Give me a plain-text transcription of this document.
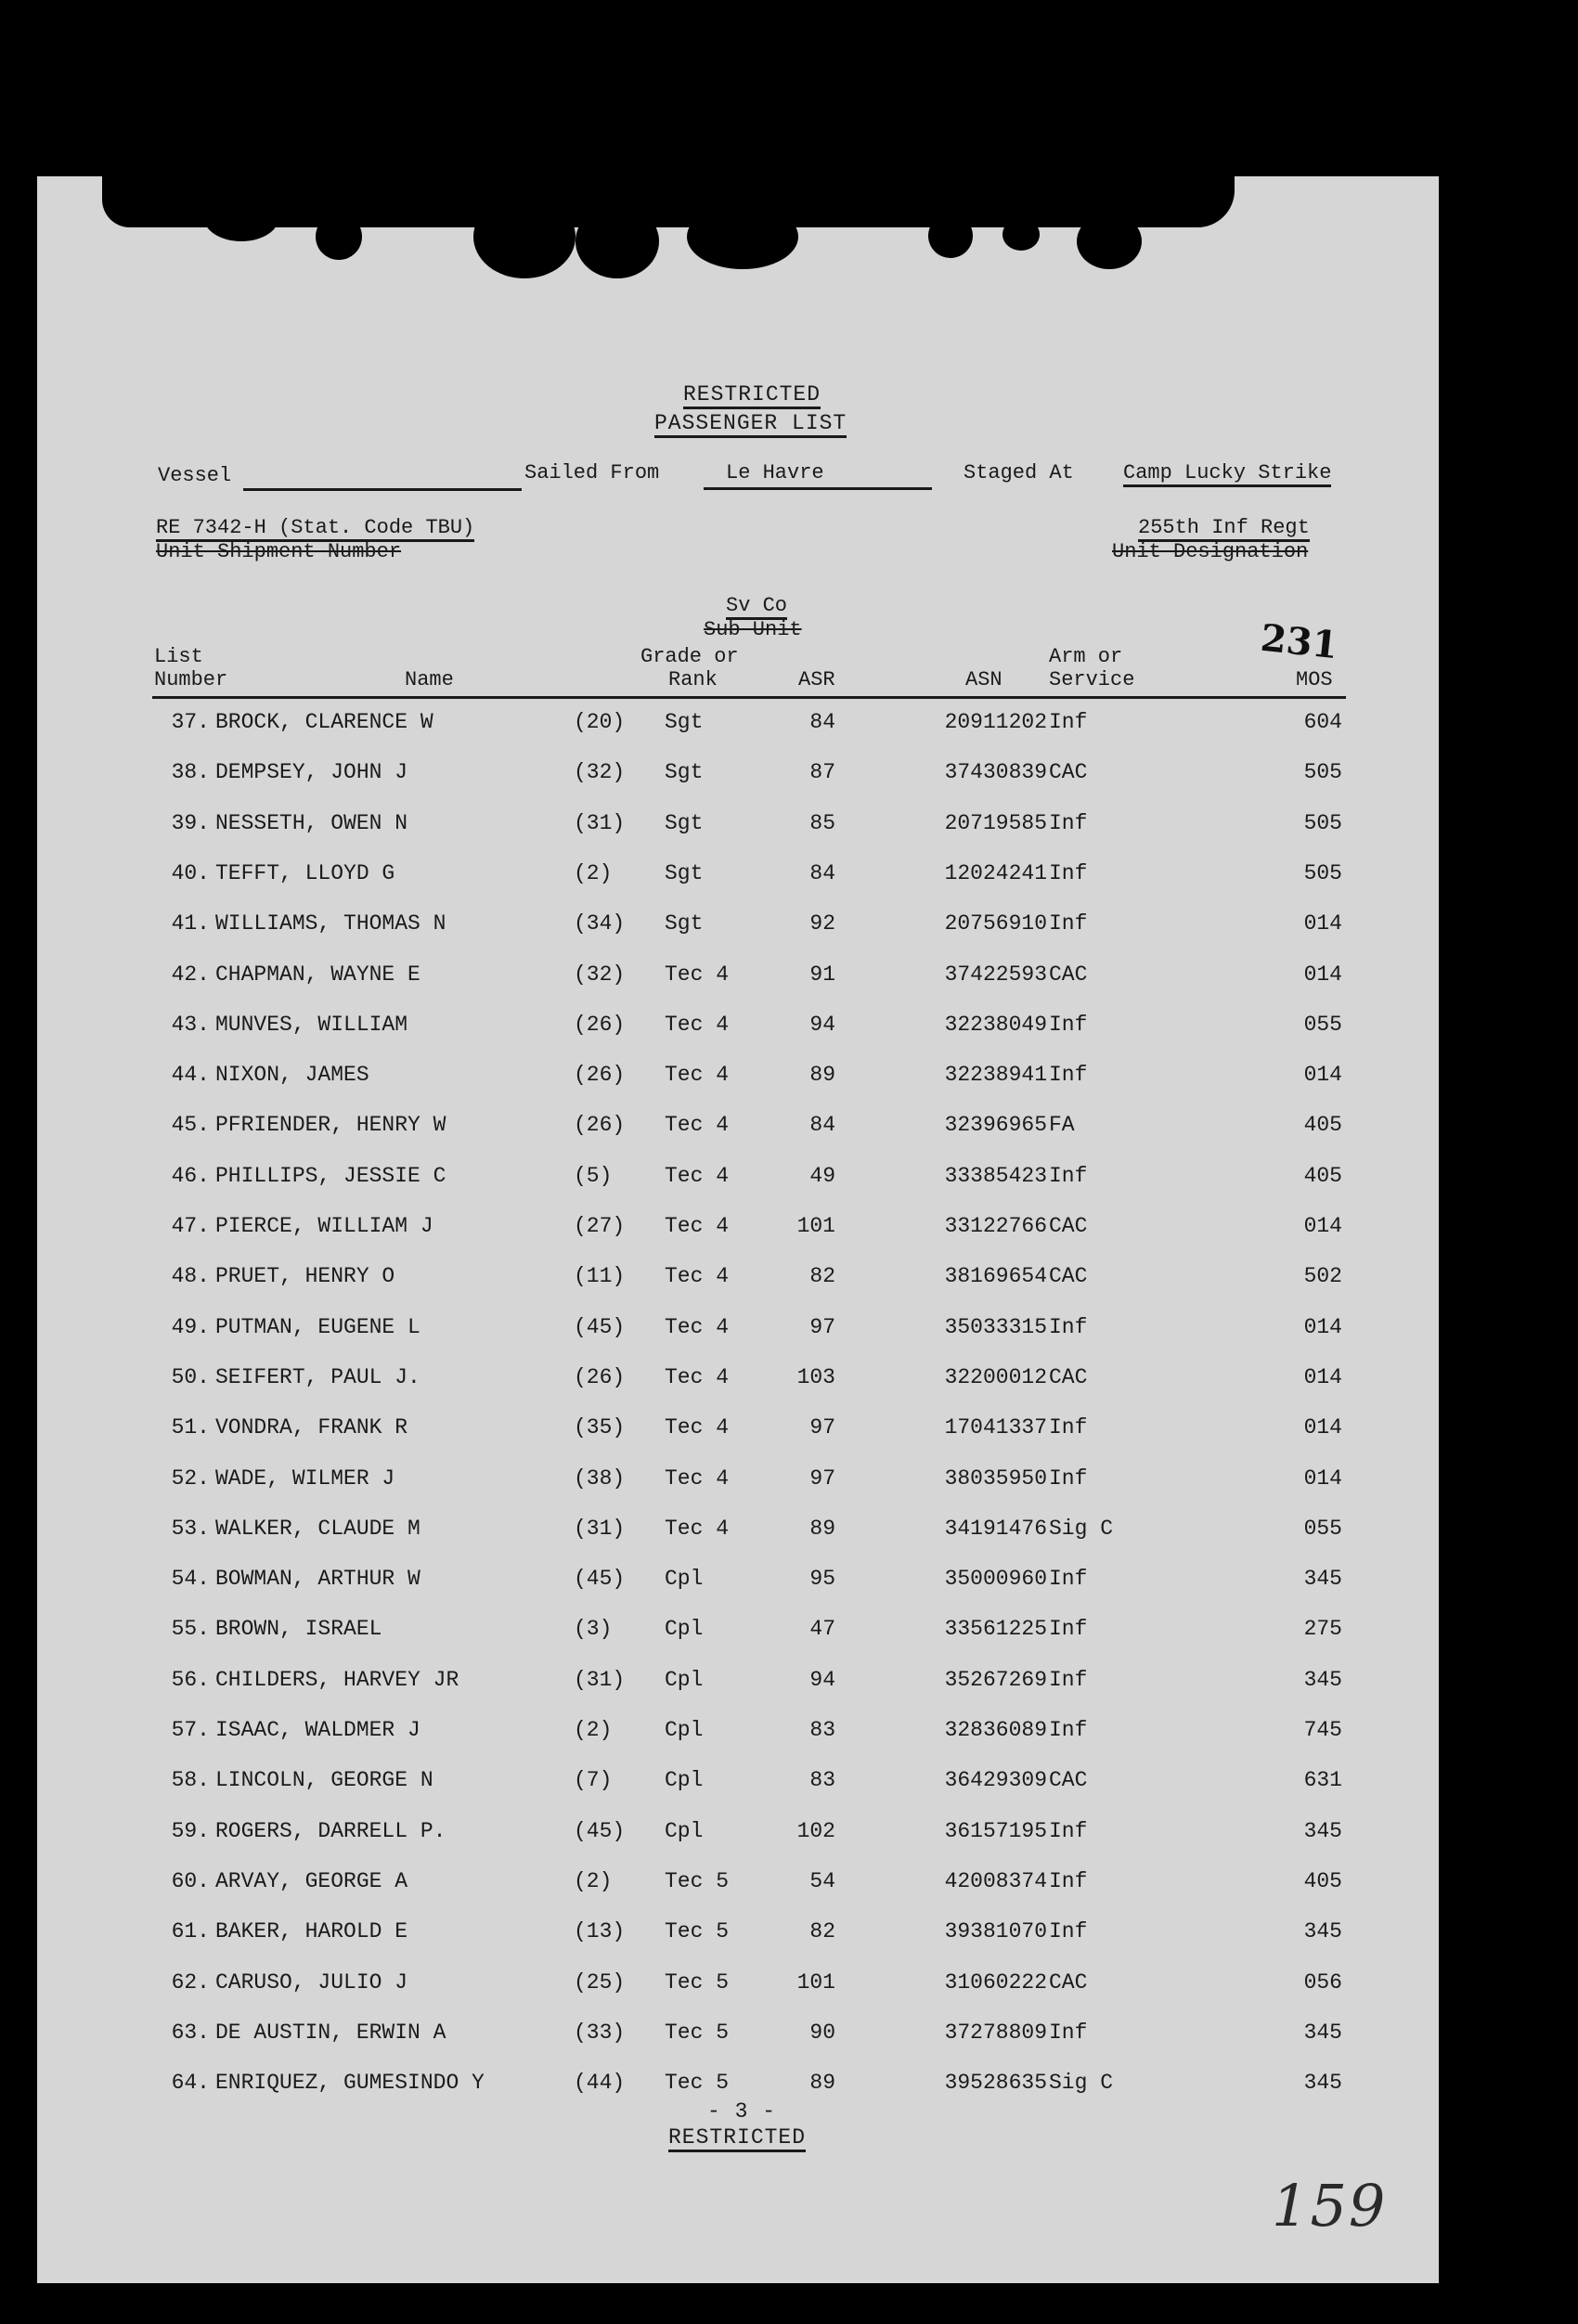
RESTRICTED
PASSENGER LIST
Vessel	Sailed From	Le Havre	Staged At Camp Lucky Strike
RE 7342-H (Stat. Code TBU)
Unit Shipment Number
255th Inf Regt
Unit Designation
Sv Co
Sub-Unit
List
Number	Name
Grade or
Rank	ASR	ASN
Arm or
Service	MOS
231
37. BROCK, CLARENCE W	(20) Sgt	84	20911202 Inf	604
38. DEMPSEY, JOHN J	(32) Sgt	87	37430839 CAC	505
39. NESSETH, OWEN N	(31) Sgt	85	20719585 Inf	505
40. TEFFT, LLOYD G	(2) Sgt	84	12024241 Inf	505
41. WILLIAMS, THOMAS N	(34) Sgt	92	20756910 Inf	014
42. CHAPMAN, WAYNE E	(32) Tec 4	91	37422593 CAC	014
43. MUNVES, WILLIAM	(26) Tec 4	94	32238049 Inf	055
44. NIXON, JAMES	(26) Tec 4	89	32238941 Inf	014
45. PFRIENDER, HENRY W	(26) Tec 4	84	32396965 FA	405
46. PHILLIPS, JESSIE C	(5) Tec 4	49	33385423 Inf	405
47. PIERCE, WILLIAM J	(27) Tec 4	101	33122766 CAC	014
48. PRUET, HENRY O	(11) Tec 4	82	38169654 CAC	502
49. PUTMAN, EUGENE L	(45) Tec 4	97	35033315 Inf	014
50. SEIFERT, PAUL J.	(26) Tec 4	103	32200012 CAC	014
51. VONDRA, FRANK R	(35) Tec 4	97	17041337 Inf	014
52. WADE, WILMER J	(38) Tec 4	97	38035950 Inf	014
53. WALKER, CLAUDE M	(31) Tec 4	89	34191476 Sig C	055
54. BOWMAN, ARTHUR W	(45) Cpl	95	35000960 Inf	345
55. BROWN, ISRAEL	(3) Cpl	47	33561225 Inf	275
56. CHILDERS, HARVEY JR	(31) Cpl	94	35267269 Inf	345
57. ISAAC, WALDMER J	(2) Cpl	83	32836089 Inf	745
58. LINCOLN, GEORGE N	(7) Cpl	83	36429309 CAC	631
59. ROGERS, DARRELL P.	(45) Cpl	102	36157195 Inf	345
60. ARVAY, GEORGE A	(2) Tec 5	54	42008374 Inf	405
61. BAKER, HAROLD E	(13) Tec 5	82	39381070 Inf	345
62. CARUSO, JULIO J	(25) Tec 5	101	31060222 CAC	056
63. DE AUSTIN, ERWIN A	(33) Tec 5	90	37278809 Inf	345
64. ENRIQUEZ, GUMESINDO Y	(44) Tec 5	89	39528635 Sig C	345
- 3 -
RESTRICTED
159
